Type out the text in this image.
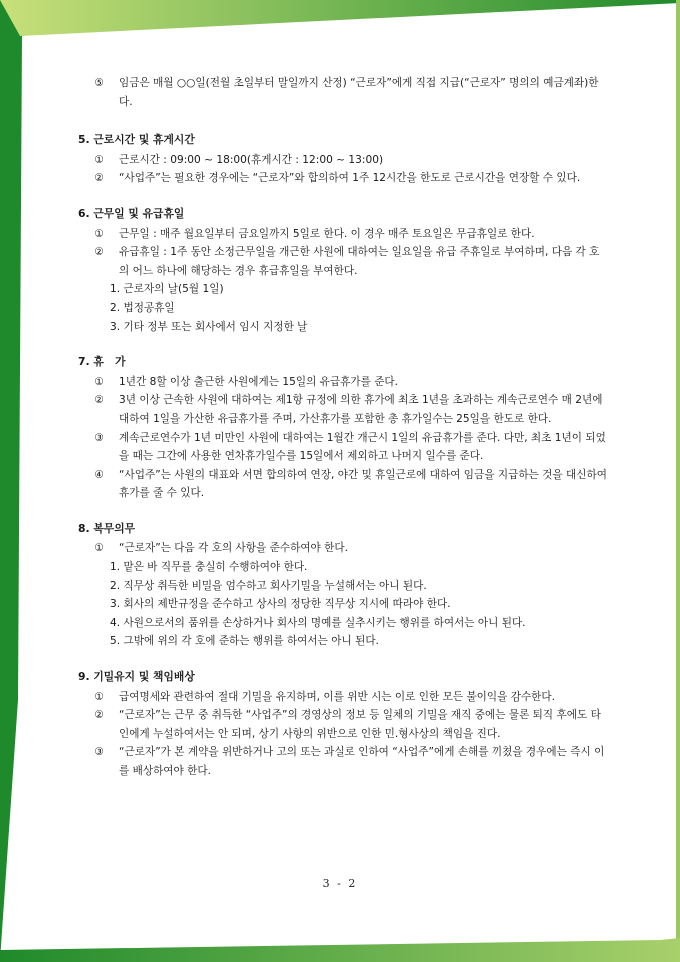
⑤	임금은 매월 ○○일(전월 초일부터 말일까지 산정) “근로자”에게 직접 지급(“근로자” 명의의 예금계좌)한다.
5. 근로시간 및 휴게시간
①	근로시간 : 09:00 ~ 18:00(휴게시간 : 12:00 ~ 13:00)
②	“사업주”는 필요한 경우에는 “근로자”와 합의하여 1주 12시간을 한도로 근로시간을 연장할 수 있다.
6. 근무일 및 유급휴일
①	근무일 : 매주 월요일부터 금요일까지 5일로 한다. 이 경우 매주 토요일은 무급휴일로 한다.
②	유급휴일 : 1주 동안 소정근무일을 개근한 사원에 대하여는 일요일을 유급 주휴일로 부여하며, 다음 각 호의 어느 하나에 해당하는 경우 휴급휴일을 부여한다.
1. 근로자의 날(5월 1일)
2. 법정공휴일
3. 기타 정부 또는 회사에서 임시 지정한 날
7. 휴   가
①	1년간 8할 이상 출근한 사원에게는 15일의 유급휴가를 준다.
②	3년 이상 근속한 사원에 대하여는 제1항 규정에 의한 휴가에 최초 1년을 초과하는 계속근로연수 매 2년에 대하여 1일을 가산한 유급휴가를 주며, 가산휴가를 포함한 총 휴가일수는 25일을 한도로 한다.
③	계속근로연수가 1년 미만인 사원에 대하여는 1월간 개근시 1일의 유급휴가를 준다. 다만, 최초 1년이 되었을 때는 그간에 사용한 연차휴가일수를 15일에서 제외하고 나머지 일수를 준다.
④	“사업주”는 사원의 대표와 서면 합의하여 연장, 야간 및 휴일근로에 대하여 임금을 지급하는 것을 대신하여 휴가를 줄 수 있다.
8. 복무의무
①	“근로자”는 다음 각 호의 사항을 준수하여야 한다.
1. 맡은 바 직무를 충실히 수행하여야 한다.
2. 직무상 취득한 비밀을 엄수하고 회사기밀을 누설해서는 아니 된다.
3. 회사의 제반규정을 준수하고 상사의 정당한 직무상 지시에 따라야 한다.
4. 사원으로서의 품위를 손상하거나 회사의 명예를 실추시키는 행위를 하여서는 아니 된다.
5. 그밖에 위의 각 호에 준하는 행위를 하여서는 아니 된다.
9. 기밀유지 및 책임배상
①	급여명세와 관련하여 절대 기밀을 유지하며, 이를 위반 시는 이로 인한 모든 불이익을 감수한다.
②	“근로자”는 근무 중 취득한 “사업주”의 경영상의 정보 등 일체의 기밀을 재직 중에는 물론 퇴직 후에도 타인에게 누설하여서는 안 되며, 상기 사항의 위반으로 인한 민.형사상의 책임을 진다.
③	“근로자”가 본 계약을 위반하거나 고의 또는 과실로 인하여 “사업주”에게 손해를 끼쳤을 경우에는 즉시 이를 배상하여야 한다.
3 - 2
